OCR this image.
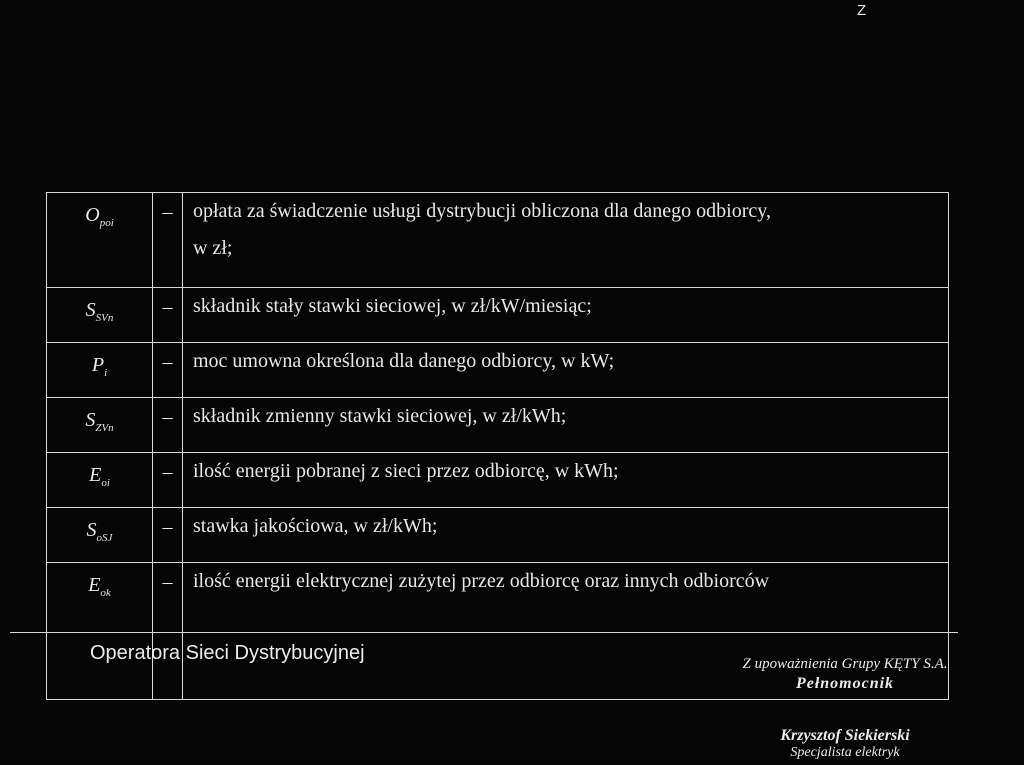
Z
$O_{poi}$	–	opłata za świadczenie usługi dystrybucji obliczona dla danego odbiorcy,
w zł;

$S_{SVn}$	–	składnik stały stawki sieciowej, w zł/kW/miesiąc;
$P_i$	–	moc umowna określona dla danego odbiorcy, w kW;
$S_{ZVn}$	–	składnik zmienny stawki sieciowej, w zł/kWh;
$E_{oi}$	–	ilość energii pobranej z sieci przez odbiorcę, w kWh;
$S_{oSJ}$	–	stawka jakościowa, w zł/kWh;
$E_{ok}$	–	ilość energii elektrycznej zużytej przez odbiorcę oraz innych odbiorców
Operatora Sieci Dystrybucyjnej	Z upoważnienia Grupy KĘTY S.A.
Pełnomocnik
Krzysztof Siekierski
Specjalista elektryk
